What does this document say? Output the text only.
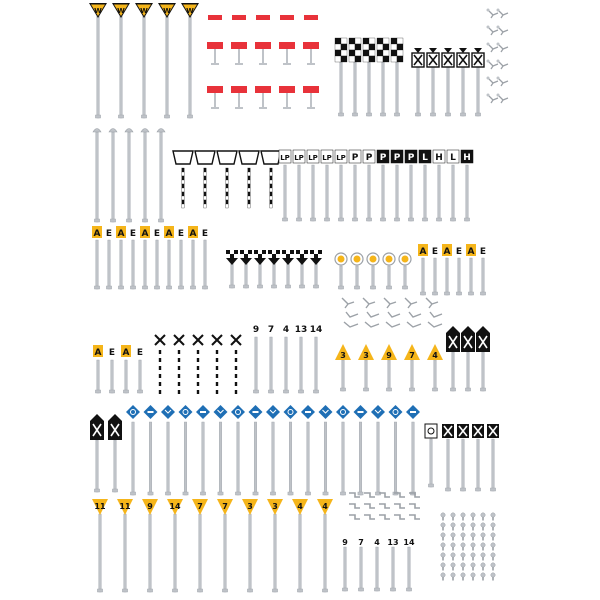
W W W W W
LP LP LP LP LP P P P P P L H L H
A E A E A E A E A E
A E A E A E
A E A E
9 7 4 13 14
3 3 9 7 4
11 11 9 14 7 7 3 3 4 4
9 7 4 13 14
